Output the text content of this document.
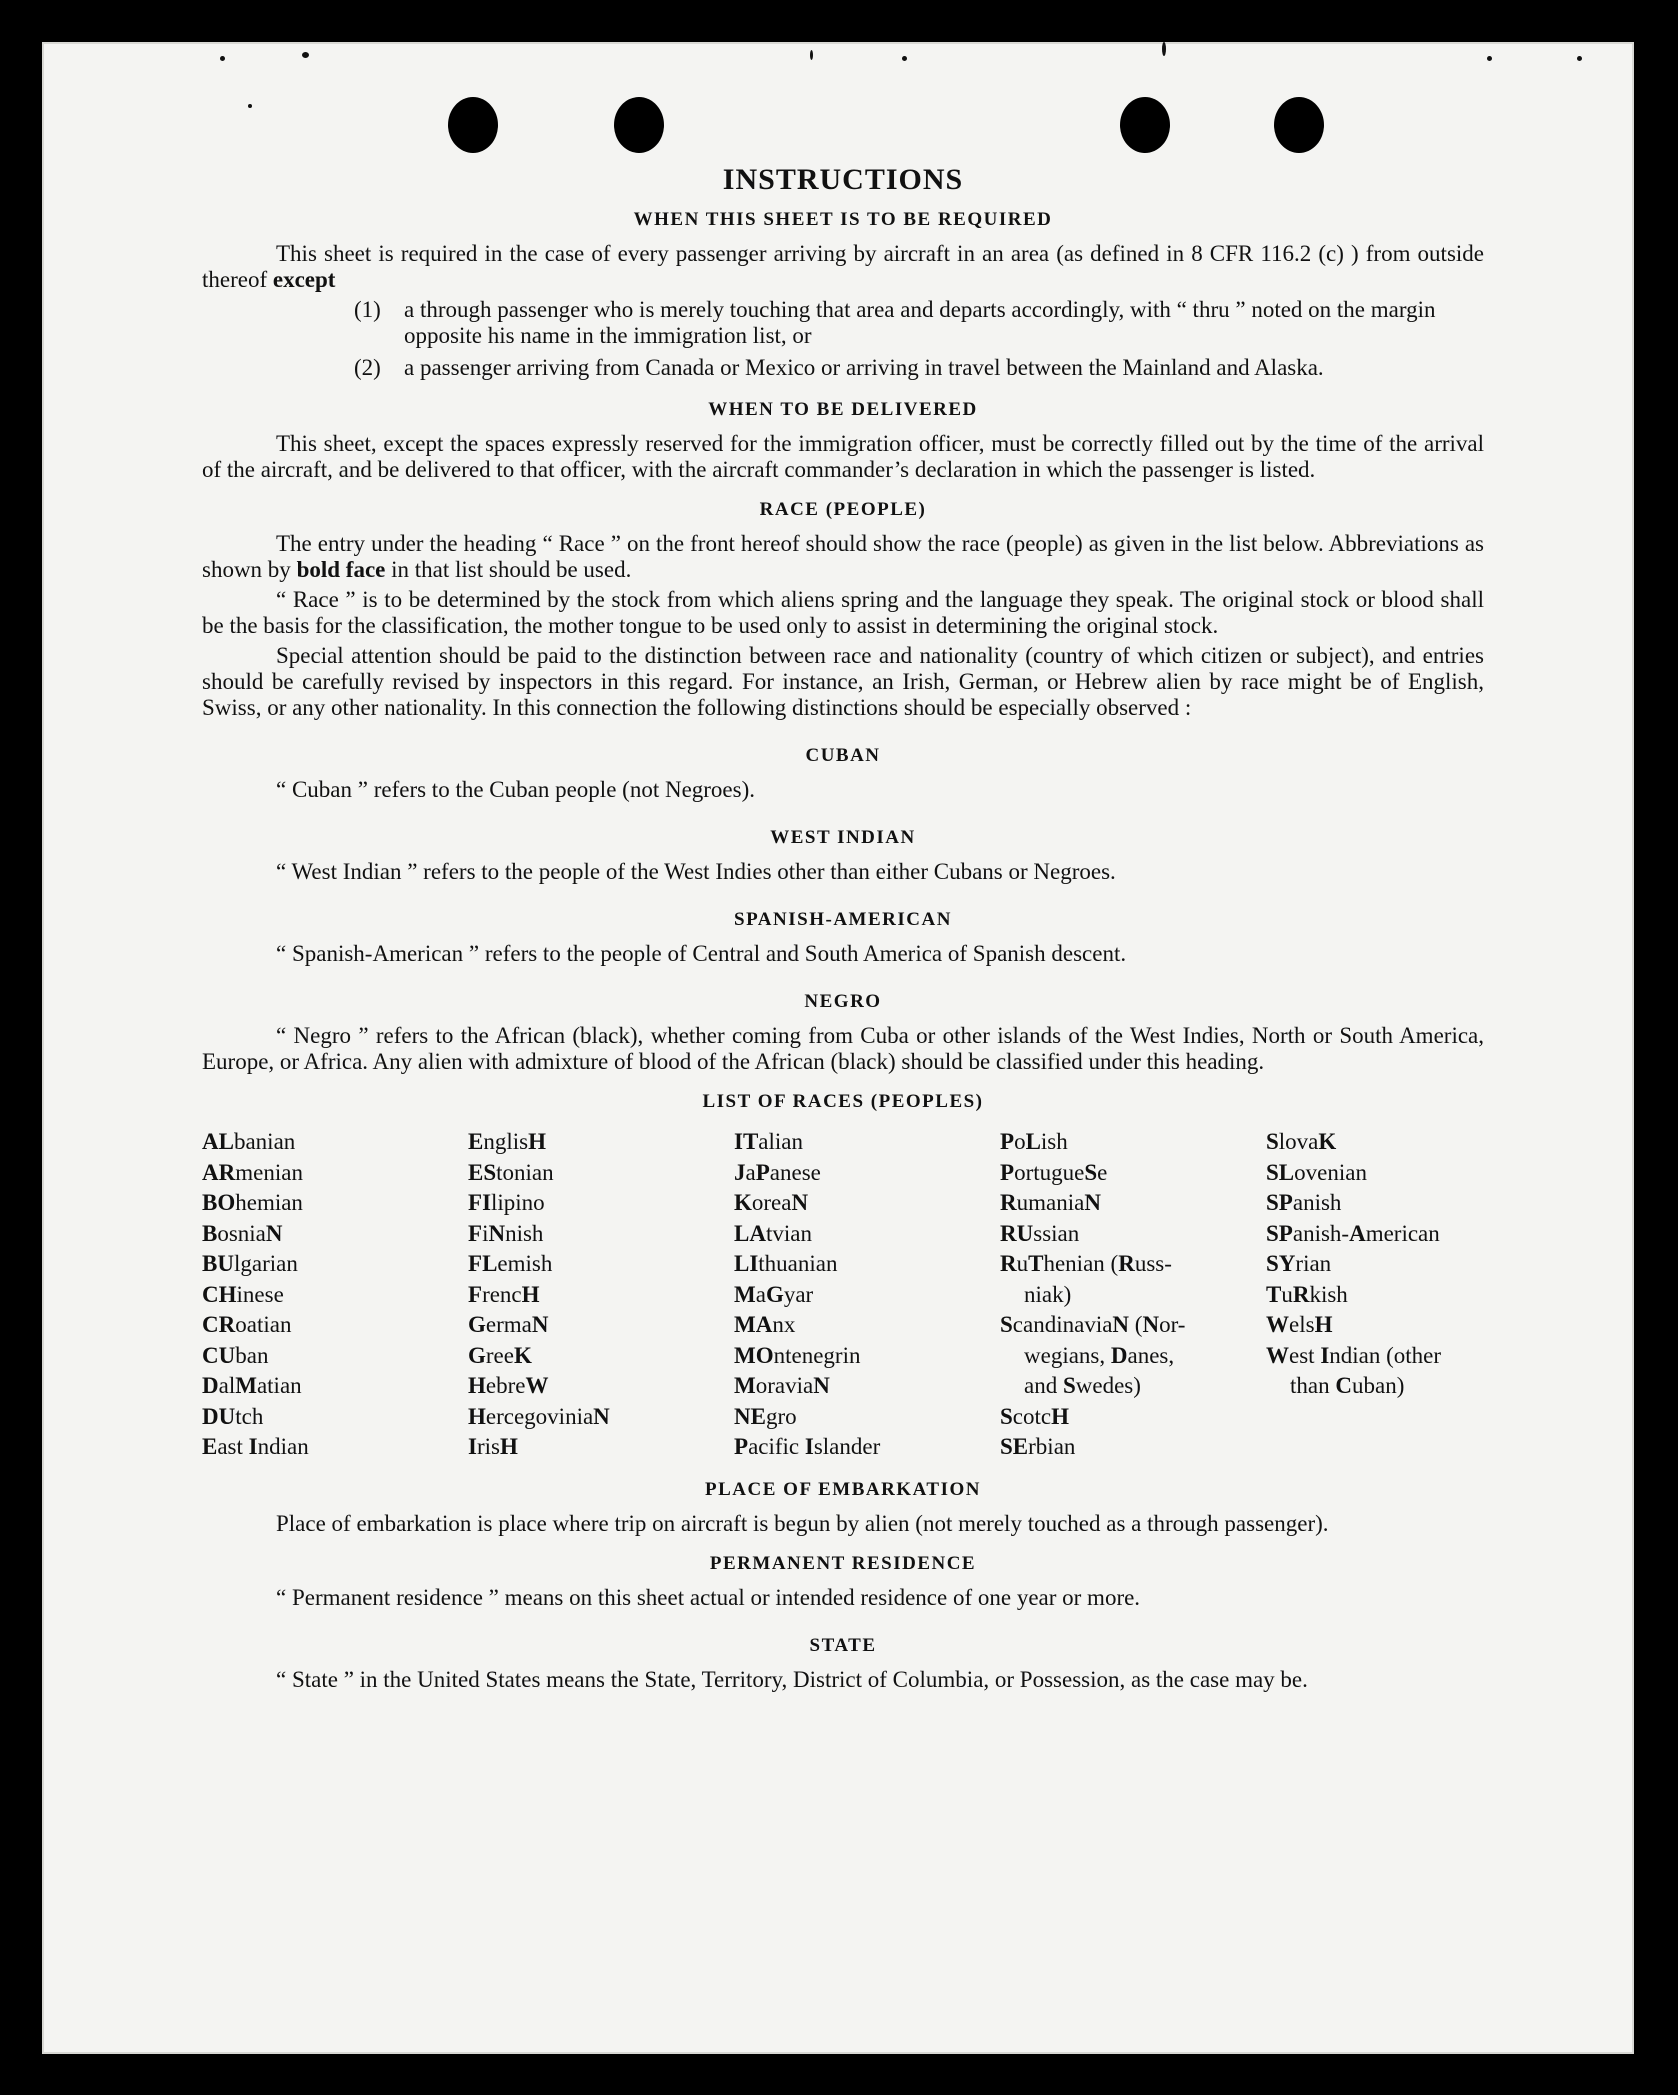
INSTRUCTIONS
WHEN THIS SHEET IS TO BE REQUIRED

This sheet is required in the case of every passenger arriving by aircraft in an area (as defined in 8 CFR 116.2 (c) ) from outside thereof except

(1)	a through passenger who is merely touching that area and departs accordingly, with “ thru ” noted on the margin opposite his name in the immigration list, or
(2)	a passenger arriving from Canada or Mexico or arriving in travel between the Mainland and Alaska.
WHEN TO BE DELIVERED

This sheet, except the spaces expressly reserved for the immigration officer, must be correctly filled out by the time of the arrival of the aircraft, and be delivered to that officer, with the aircraft commander’s declaration in which the passenger is listed.

RACE (PEOPLE)

The entry under the heading “ Race ” on the front hereof should show the race (people) as given in the list below. Abbreviations as shown by bold face in that list should be used.

“ Race ” is to be determined by the stock from which aliens spring and the language they speak. The original stock or blood shall be the basis for the classification, the mother tongue to be used only to assist in determining the original stock.

Special attention should be paid to the distinction between race and nationality (country of which citizen or subject), and entries should be carefully revised by inspectors in this regard. For instance, an Irish, German, or Hebrew alien by race might be of English, Swiss, or any other nationality. In this connection the following distinctions should be especially observed :

CUBAN

“ Cuban ” refers to the Cuban people (not Negroes).

WEST INDIAN

“ West Indian ” refers to the people of the West Indies other than either Cubans or Negroes.

SPANISH-AMERICAN

“ Spanish-American ” refers to the people of Central and South America of Spanish descent.

NEGRO

“ Negro ” refers to the African (black), whether coming from Cuba or other islands of the West Indies, North or South America, Europe, or Africa. Any alien with admixture of blood of the African (black) should be classified under this heading.

LIST OF RACES (PEOPLES)
ALbanian	EnglisH	ITalian	PoLish	SlovaK
ARmenian	EStonian	JaPanese	PortugueSe	SLovenian
BOhemian	FIlipino	KoreaN	RumaniaN	SPanish
BosniaN	FiNnish	LAtvian	RUssian	SPanish-American
BUlgarian	FLemish	LIthuanian	RuThenian (Russ-	SYrian
CHinese	FrencH	MaGyar	niak)	TuRkish
CRoatian	GermaN	MAnx	ScandinaviaN (Nor-	WelsH
CUban	GreeK	MOntenegrin	wegians, Danes,	West Indian (other
DalMatian	HebreW	MoraviaN	and Swedes)	than Cuban)
DUtch	HercegoviniaN	NEgro	ScotcH
East Indian	IrisH	Pacific Islander	SErbian
PLACE OF EMBARKATION

Place of embarkation is place where trip on aircraft is begun by alien (not merely touched as a through passenger).

PERMANENT RESIDENCE

“ Permanent residence ” means on this sheet actual or intended residence of one year or more.

STATE

“ State ” in the United States means the State, Territory, District of Columbia, or Possession, as the case may be.
